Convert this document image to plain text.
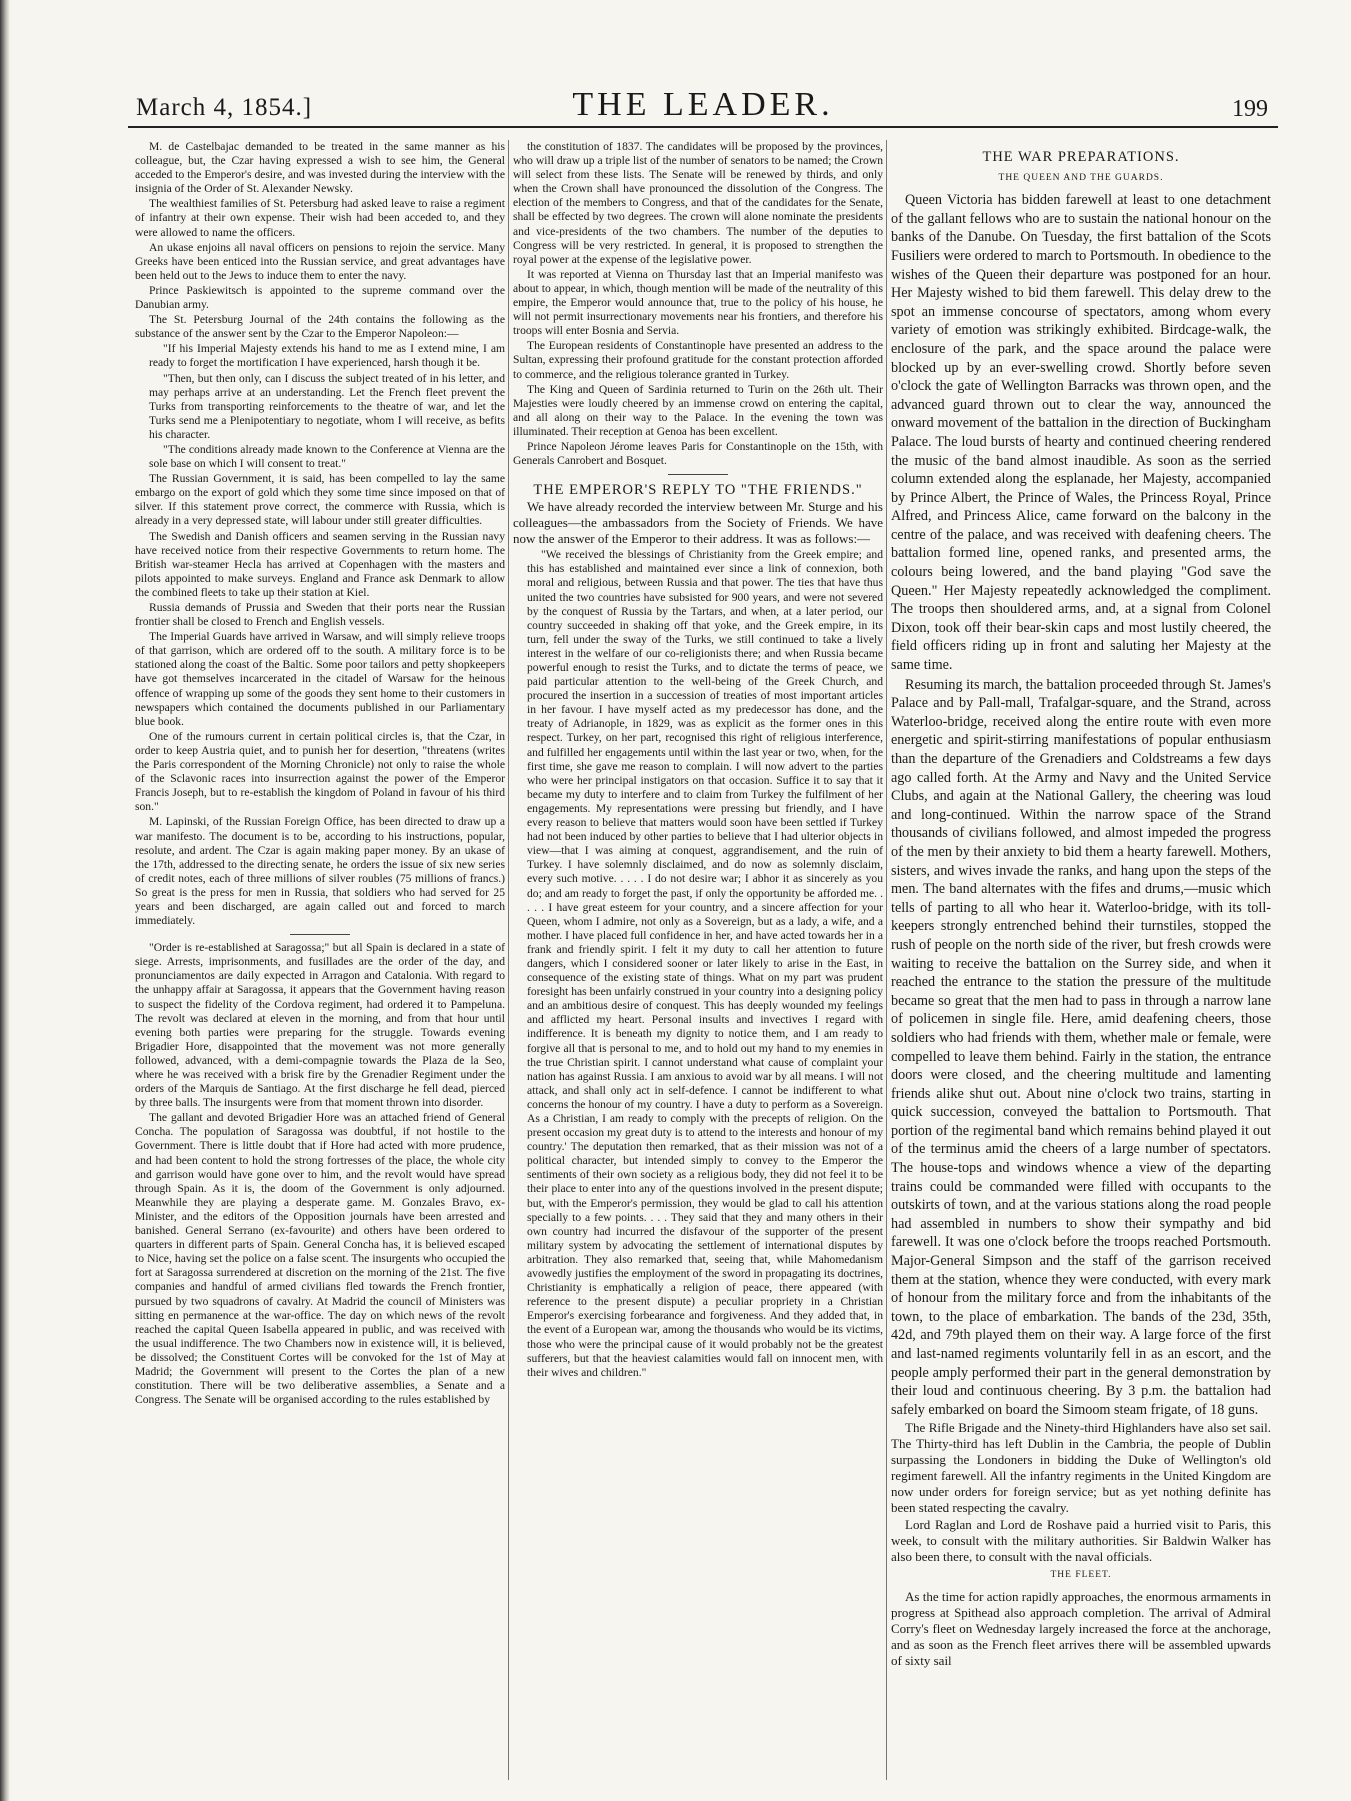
March 4, 1854.]	THE LEADER.	199

M. de Castelbajac demanded to be treated in the same manner as his colleague, but, the Czar having expressed a wish to see him, the General acceded to the Emperor's desire, and was invested during the interview with the insignia of the Order of St. Alexander Newsky.

The wealthiest families of St. Petersburg had asked leave to raise a regiment of infantry at their own expense. Their wish had been acceded to, and they were allowed to name the officers.

An ukase enjoins all naval officers on pensions to rejoin the service. Many Greeks have been enticed into the Russian service, and great advantages have been held out to the Jews to induce them to enter the navy.

Prince Paskiewitsch is appointed to the supreme command over the Danubian army.

The St. Petersburg Journal of the 24th contains the following as the substance of the answer sent by the Czar to the Emperor Napoleon:—

"If his Imperial Majesty extends his hand to me as I extend mine, I am ready to forget the mortification I have experienced, harsh though it be.

"Then, but then only, can I discuss the subject treated of in his letter, and may perhaps arrive at an understanding. Let the French fleet prevent the Turks from transporting reinforcements to the theatre of war, and let the Turks send me a Plenipotentiary to negotiate, whom I will receive, as befits his character.

"The conditions already made known to the Conference at Vienna are the sole base on which I will consent to treat."

The Russian Government, it is said, has been compelled to lay the same embargo on the export of gold which they some time since imposed on that of silver. If this statement prove correct, the commerce with Russia, which is already in a very depressed state, will labour under still greater difficulties.

The Swedish and Danish officers and seamen serving in the Russian navy have received notice from their respective Governments to return home. The British war-steamer Hecla has arrived at Copenhagen with the masters and pilots appointed to make surveys. England and France ask Denmark to allow the combined fleets to take up their station at Kiel.

Russia demands of Prussia and Sweden that their ports near the Russian frontier shall be closed to French and English vessels.

The Imperial Guards have arrived in Warsaw, and will simply relieve troops of that garrison, which are ordered off to the south. A military force is to be stationed along the coast of the Baltic. Some poor tailors and petty shopkeepers have got themselves incarcerated in the citadel of Warsaw for the heinous offence of wrapping up some of the goods they sent home to their customers in newspapers which contained the documents published in our Parliamentary blue book.

One of the rumours current in certain political circles is, that the Czar, in order to keep Austria quiet, and to punish her for desertion, "threatens (writes the Paris correspondent of the Morning Chronicle) not only to raise the whole of the Sclavonic races into insurrection against the power of the Emperor Francis Joseph, but to re-establish the kingdom of Poland in favour of his third son."

M. Lapinski, of the Russian Foreign Office, has been directed to draw up a war manifesto. The document is to be, according to his instructions, popular, resolute, and ardent. The Czar is again making paper money. By an ukase of the 17th, addressed to the directing senate, he orders the issue of six new series of credit notes, each of three millions of silver roubles (75 millions of francs.) So great is the press for men in Russia, that soldiers who had served for 25 years and been discharged, are again called out and forced to march immediately.

"Order is re-established at Saragossa;" but all Spain is declared in a state of siege. Arrests, imprisonments, and fusillades are the order of the day, and pronunciamentos are daily expected in Arragon and Catalonia. With regard to the unhappy affair at Saragossa, it appears that the Government having reason to suspect the fidelity of the Cordova regiment, had ordered it to Pampeluna. The revolt was declared at eleven in the morning, and from that hour until evening both parties were preparing for the struggle. Towards evening Brigadier Hore, disappointed that the movement was not more generally followed, advanced, with a demi-compagnie towards the Plaza de la Seo, where he was received with a brisk fire by the Grenadier Regiment under the orders of the Marquis de Santiago. At the first discharge he fell dead, pierced by three balls. The insurgents were from that moment thrown into disorder.

The gallant and devoted Brigadier Hore was an attached friend of General Concha. The population of Saragossa was doubtful, if not hostile to the Government. There is little doubt that if Hore had acted with more prudence, and had been content to hold the strong fortresses of the place, the whole city and garrison would have gone over to him, and the revolt would have spread through Spain. As it is, the doom of the Government is only adjourned. Meanwhile they are playing a desperate game. M. Gonzales Bravo, ex-Minister, and the editors of the Opposition journals have been arrested and banished. General Serrano (ex-favourite) and others have been ordered to quarters in different parts of Spain. General Concha has, it is believed escaped to Nice, having set the police on a false scent. The insurgents who occupied the fort at Saragossa surrendered at discretion on the morning of the 21st. The five companies and handful of armed civilians fled towards the French frontier, pursued by two squadrons of cavalry. At Madrid the council of Ministers was sitting en permanence at the war-office. The day on which news of the revolt reached the capital Queen Isabella appeared in public, and was received with the usual indifference. The two Chambers now in existence will, it is believed, be dissolved; the Constituent Cortes will be convoked for the 1st of May at Madrid; the Government will present to the Cortes the plan of a new constitution. There will be two deliberative assemblies, a Senate and a Congress. The Senate will be organised according to the rules established by

the constitution of 1837. The candidates will be proposed by the provinces, who will draw up a triple list of the number of senators to be named; the Crown will select from these lists. The Senate will be renewed by thirds, and only when the Crown shall have pronounced the dissolution of the Congress. The election of the members to Congress, and that of the candidates for the Senate, shall be effected by two degrees. The crown will alone nominate the presidents and vice-presidents of the two chambers. The number of the deputies to Congress will be very restricted. In general, it is proposed to strengthen the royal power at the expense of the legislative power.

It was reported at Vienna on Thursday last that an Imperial manifesto was about to appear, in which, though mention will be made of the neutrality of this empire, the Emperor would announce that, true to the policy of his house, he will not permit insurrectionary movements near his frontiers, and therefore his troops will enter Bosnia and Servia.

The European residents of Constantinople have presented an address to the Sultan, expressing their profound gratitude for the constant protection afforded to commerce, and the religious tolerance granted in Turkey.

The King and Queen of Sardinia returned to Turin on the 26th ult. Their Majesties were loudly cheered by an immense crowd on entering the capital, and all along on their way to the Palace. In the evening the town was illuminated. Their reception at Genoa has been excellent.

Prince Napoleon Jérome leaves Paris for Constantinople on the 15th, with Generals Canrobert and Bosquet.

THE EMPEROR'S REPLY TO "THE FRIENDS."

We have already recorded the interview between Mr. Sturge and his colleagues—the ambassadors from the Society of Friends. We have now the answer of the Emperor to their address. It was as follows:—

"We received the blessings of Christianity from the Greek empire; and this has established and maintained ever since a link of connexion, both moral and religious, between Russia and that power. The ties that have thus united the two countries have subsisted for 900 years, and were not severed by the conquest of Russia by the Tartars, and when, at a later period, our country succeeded in shaking off that yoke, and the Greek empire, in its turn, fell under the sway of the Turks, we still continued to take a lively interest in the welfare of our co-religionists there; and when Russia became powerful enough to resist the Turks, and to dictate the terms of peace, we paid particular attention to the well-being of the Greek Church, and procured the insertion in a succession of treaties of most important articles in her favour. I have myself acted as my predecessor has done, and the treaty of Adrianople, in 1829, was as explicit as the former ones in this respect. Turkey, on her part, recognised this right of religious interference, and fulfilled her engagements until within the last year or two, when, for the first time, she gave me reason to complain. I will now advert to the parties who were her principal instigators on that occasion. Suffice it to say that it became my duty to interfere and to claim from Turkey the fulfilment of her engagements. My representations were pressing but friendly, and I have every reason to believe that matters would soon have been settled if Turkey had not been induced by other parties to believe that I had ulterior objects in view—that I was aiming at conquest, aggrandisement, and the ruin of Turkey. I have solemnly disclaimed, and do now as solemnly disclaim, every such motive. . . . . I do not desire war; I abhor it as sincerely as you do; and am ready to forget the past, if only the opportunity be afforded me. . . . . I have great esteem for your country, and a sincere affection for your Queen, whom I admire, not only as a Sovereign, but as a lady, a wife, and a mother. I have placed full confidence in her, and have acted towards her in a frank and friendly spirit. I felt it my duty to call her attention to future dangers, which I considered sooner or later likely to arise in the East, in consequence of the existing state of things. What on my part was prudent foresight has been unfairly construed in your country into a designing policy and an ambitious desire of conquest. This has deeply wounded my feelings and afflicted my heart. Personal insults and invectives I regard with indifference. It is beneath my dignity to notice them, and I am ready to forgive all that is personal to me, and to hold out my hand to my enemies in the true Christian spirit. I cannot understand what cause of complaint your nation has against Russia. I am anxious to avoid war by all means. I will not attack, and shall only act in self-defence. I cannot be indifferent to what concerns the honour of my country. I have a duty to perform as a Sovereign. As a Christian, I am ready to comply with the precepts of religion. On the present occasion my great duty is to attend to the interests and honour of my country.' The deputation then remarked, that as their mission was not of a political character, but intended simply to convey to the Emperor the sentiments of their own society as a religious body, they did not feel it to be their place to enter into any of the questions involved in the present dispute; but, with the Emperor's permission, they would be glad to call his attention specially to a few points. . . . They said that they and many others in their own country had incurred the disfavour of the supporter of the present military system by advocating the settlement of international disputes by arbitration. They also remarked that, seeing that, while Mahomedanism avowedly justifies the employment of the sword in propagating its doctrines, Christianity is emphatically a religion of peace, there appeared (with reference to the present dispute) a peculiar propriety in a Christian Emperor's exercising forbearance and forgiveness. And they added that, in the event of a European war, among the thousands who would be its victims, those who were the principal cause of it would probably not be the greatest sufferers, but that the heaviest calamities would fall on innocent men, with their wives and children."

THE WAR PREPARATIONS.
THE QUEEN AND THE GUARDS.

Queen Victoria has bidden farewell at least to one detachment of the gallant fellows who are to sustain the national honour on the banks of the Danube. On Tuesday, the first battalion of the Scots Fusiliers were ordered to march to Portsmouth. In obedience to the wishes of the Queen their departure was postponed for an hour. Her Majesty wished to bid them farewell. This delay drew to the spot an immense concourse of spectators, among whom every variety of emotion was strikingly exhibited. Birdcage-walk, the enclosure of the park, and the space around the palace were blocked up by an ever-swelling crowd. Shortly before seven o'clock the gate of Wellington Barracks was thrown open, and the advanced guard thrown out to clear the way, announced the onward movement of the battalion in the direction of Buckingham Palace. The loud bursts of hearty and continued cheering rendered the music of the band almost inaudible. As soon as the serried column extended along the esplanade, her Majesty, accompanied by Prince Albert, the Prince of Wales, the Princess Royal, Prince Alfred, and Princess Alice, came forward on the balcony in the centre of the palace, and was received with deafening cheers. The battalion formed line, opened ranks, and presented arms, the colours being lowered, and the band playing "God save the Queen." Her Majesty repeatedly acknowledged the compliment. The troops then shouldered arms, and, at a signal from Colonel Dixon, took off their bear-skin caps and most lustily cheered, the field officers riding up in front and saluting her Majesty at the same time.

Resuming its march, the battalion proceeded through St. James's Palace and by Pall-mall, Trafalgar-square, and the Strand, across Waterloo-bridge, received along the entire route with even more energetic and spirit-stirring manifestations of popular enthusiasm than the departure of the Grenadiers and Coldstreams a few days ago called forth. At the Army and Navy and the United Service Clubs, and again at the National Gallery, the cheering was loud and long-continued. Within the narrow space of the Strand thousands of civilians followed, and almost impeded the progress of the men by their anxiety to bid them a hearty farewell. Mothers, sisters, and wives invade the ranks, and hang upon the steps of the men. The band alternates with the fifes and drums,—music which tells of parting to all who hear it. Waterloo-bridge, with its toll-keepers strongly entrenched behind their turnstiles, stopped the rush of people on the north side of the river, but fresh crowds were waiting to receive the battalion on the Surrey side, and when it reached the entrance to the station the pressure of the multitude became so great that the men had to pass in through a narrow lane of policemen in single file. Here, amid deafening cheers, those soldiers who had friends with them, whether male or female, were compelled to leave them behind. Fairly in the station, the entrance doors were closed, and the cheering multitude and lamenting friends alike shut out. About nine o'clock two trains, starting in quick succession, conveyed the battalion to Portsmouth. That portion of the regimental band which remains behind played it out of the terminus amid the cheers of a large number of spectators. The house-tops and windows whence a view of the departing trains could be commanded were filled with occupants to the outskirts of town, and at the various stations along the road people had assembled in numbers to show their sympathy and bid farewell. It was one o'clock before the troops reached Portsmouth. Major-General Simpson and the staff of the garrison received them at the station, whence they were conducted, with every mark of honour from the military force and from the inhabitants of the town, to the place of embarkation. The bands of the 23d, 35th, 42d, and 79th played them on their way. A large force of the first and last-named regiments voluntarily fell in as an escort, and the people amply performed their part in the general demonstration by their loud and continuous cheering. By 3 p.m. the battalion had safely embarked on board the Simoom steam frigate, of 18 guns.

The Rifle Brigade and the Ninety-third Highlanders have also set sail. The Thirty-third has left Dublin in the Cambria, the people of Dublin surpassing the Londoners in bidding the Duke of Wellington's old regiment farewell. All the infantry regiments in the United Kingdom are now under orders for foreign service; but as yet nothing definite has been stated respecting the cavalry.

Lord Raglan and Lord de Roshave paid a hurried visit to Paris, this week, to consult with the military authorities. Sir Baldwin Walker has also been there, to consult with the naval officials.

THE FLEET.

As the time for action rapidly approaches, the enormous armaments in progress at Spithead also approach completion. The arrival of Admiral Corry's fleet on Wednesday largely increased the force at the anchorage, and as soon as the French fleet arrives there will be assembled upwards of sixty sail
